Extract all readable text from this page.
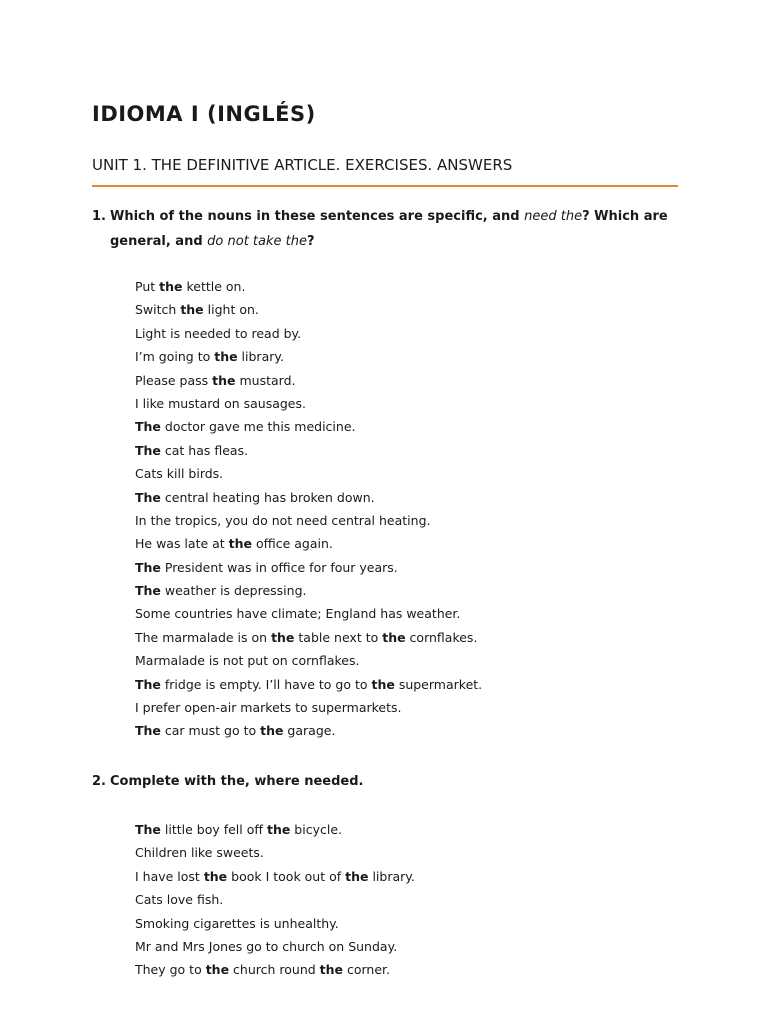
IDIOMA I (INGLÉS)
UNIT 1. THE DEFINITIVE ARTICLE. EXERCISES. ANSWERS
1. Which of the nouns in these sentences are specific, and need the? Which are general, and do not take the?
Put the kettle on.
Switch the light on.
Light is needed to read by.
I’m going to the library.
Please pass the mustard.
I like mustard on sausages.
The doctor gave me this medicine.
The cat has fleas.
Cats kill birds.
The central heating has broken down.
In the tropics, you do not need central heating.
He was late at the office again.
The President was in office for four years.
The weather is depressing.
Some countries have climate; England has weather.
The marmalade is on the table next to the cornflakes.
Marmalade is not put on cornflakes.
The fridge is empty. I’ll have to go to the supermarket.
I prefer open-air markets to supermarkets.
The car must go to the garage.
2. Complete with the, where needed.
The little boy fell off the bicycle.
Children like sweets.
I have lost the book I took out of the library.
Cats love fish.
Smoking cigarettes is unhealthy.
Mr and Mrs Jones go to church on Sunday.
They go to the church round the corner.
